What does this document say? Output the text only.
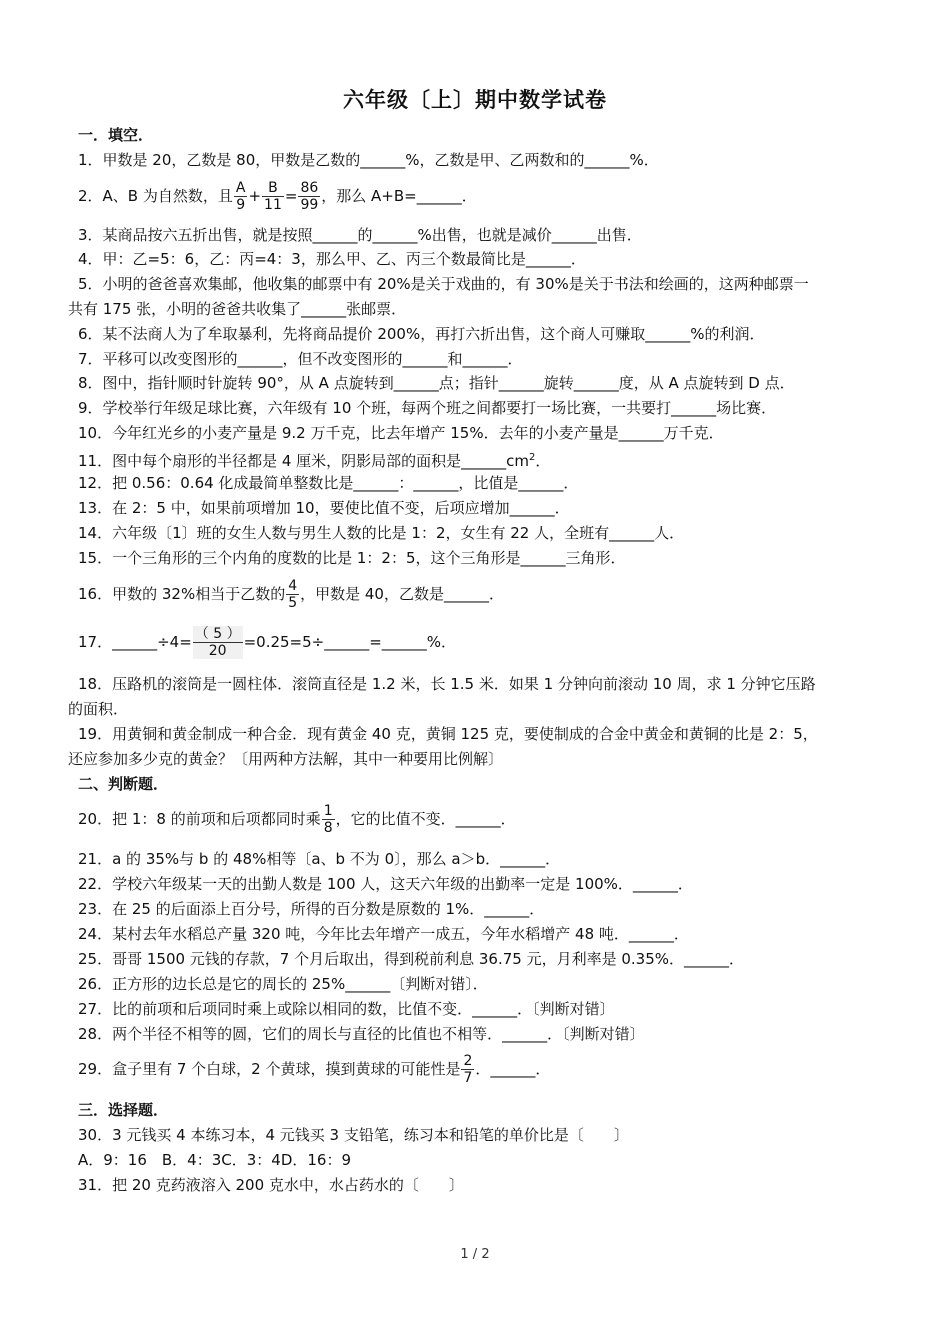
六年级〔上〕期中数学试卷
一．填空．
1．甲数是 20，乙数是 80，甲数是乙数的______%，乙数是甲、乙两数和的______%．
2．A、B 为自然数，且 $\frac{A}{9} + \frac{B}{11} = \frac{86}{99}$ ，那么 A+B=______．
3．某商品按六五折出售，就是按照______的______%出售，也就是减价______出售．
4．甲：乙=5：6，乙：丙=4：3，那么甲、乙、丙三个数最简比是______．
5．小明的爸爸喜欢集邮，他收集的邮票中有 20%是关于戏曲的，有 30%是关于书法和绘画的，这两种邮票一
共有 175 张，小明的爸爸共收集了______张邮票．
6．某不法商人为了牟取暴利，先将商品提价 200%，再打六折出售，这个商人可赚取______%的利润．
7．平移可以改变图形的______，但不改变图形的______和______．
8．图中，指针顺时针旋转 90°，从 A 点旋转到______点；指针______旋转______度，从 A 点旋转到 D 点．
9．学校举行年级足球比赛，六年级有 10 个班，每两个班之间都要打一场比赛，一共要打______场比赛．
10．今年红光乡的小麦产量是 9.2 万千克，比去年增产 15%．去年的小麦产量是______万千克．
11．图中每个扇形的半径都是 4 厘米，阴影局部的面积是$\_\_\_\_\_\_cm^2$．
12．把 0.56：0.64 化成最简单整数比是______：______，比值是______．
13．在 2：5 中，如果前项增加 10，要使比值不变，后项应增加______．
14．六年级〔1〕班的女生人数与男生人数的比是 1：2，女生有 22 人，全班有______人．
15．一个三角形的三个内角的度数的比是 1：2：5，这个三角形是______三角形．
16．甲数的 32%相当于乙数的 $\frac{4}{5}$ ，甲数是 40，乙数是______．
17．______÷4= $\frac{( 5 )}{20}$ =0.25=5÷______=______%．
18．压路机的滚筒是一圆柱体．滚筒直径是 1.2 米，长 1.5 米．如果 1 分钟向前滚动 10 周，求 1 分钟它压路
的面积．
19．用黄铜和黄金制成一种合金．现有黄金 40 克，黄铜 125 克，要使制成的合金中黄金和黄铜的比是 2：5，
还应参加多少克的黄金？〔用两种方法解，其中一种要用比例解〕
二、判断题．
20．把 1：8 的前项和后项都同时乘 $\frac{1}{8}$ ，它的比值不变．______．
21．a 的 35%与 b 的 48%相等〔a、b 不为 0〕，那么 a＞b．______．
22．学校六年级某一天的出勤人数是 100 人，这天六年级的出勤率一定是 100%．______．
23．在 25 的后面添上百分号，所得的百分数是原数的 1%．______．
24．某村去年水稻总产量 320 吨，今年比去年增产一成五，今年水稻增产 48 吨．______．
25．哥哥 1500 元钱的存款，7 个月后取出，得到税前利息 36.75 元，月利率是 0.35%．______．
26．正方形的边长总是它的周长的 25%______〔判断对错〕．
27．比的前项和后项同时乘上或除以相同的数，比值不变．______．〔判断对错〕
28．两个半径不相等的圆，它们的周长与直径的比值也不相等．______．〔判断对错〕
29．盒子里有 7 个白球，2 个黄球，摸到黄球的可能性是 $\frac{2}{7}$ ．______．
三．选择题．
30．3 元钱买 4 本练习本，4 元钱买 3 支铅笔，练习本和铅笔的单价比是〔　　〕
A．9：16　B．4：3C．3：4D．16：9
31．把 20 克药液溶入 200 克水中，水占药水的〔　　〕
1 / 2
